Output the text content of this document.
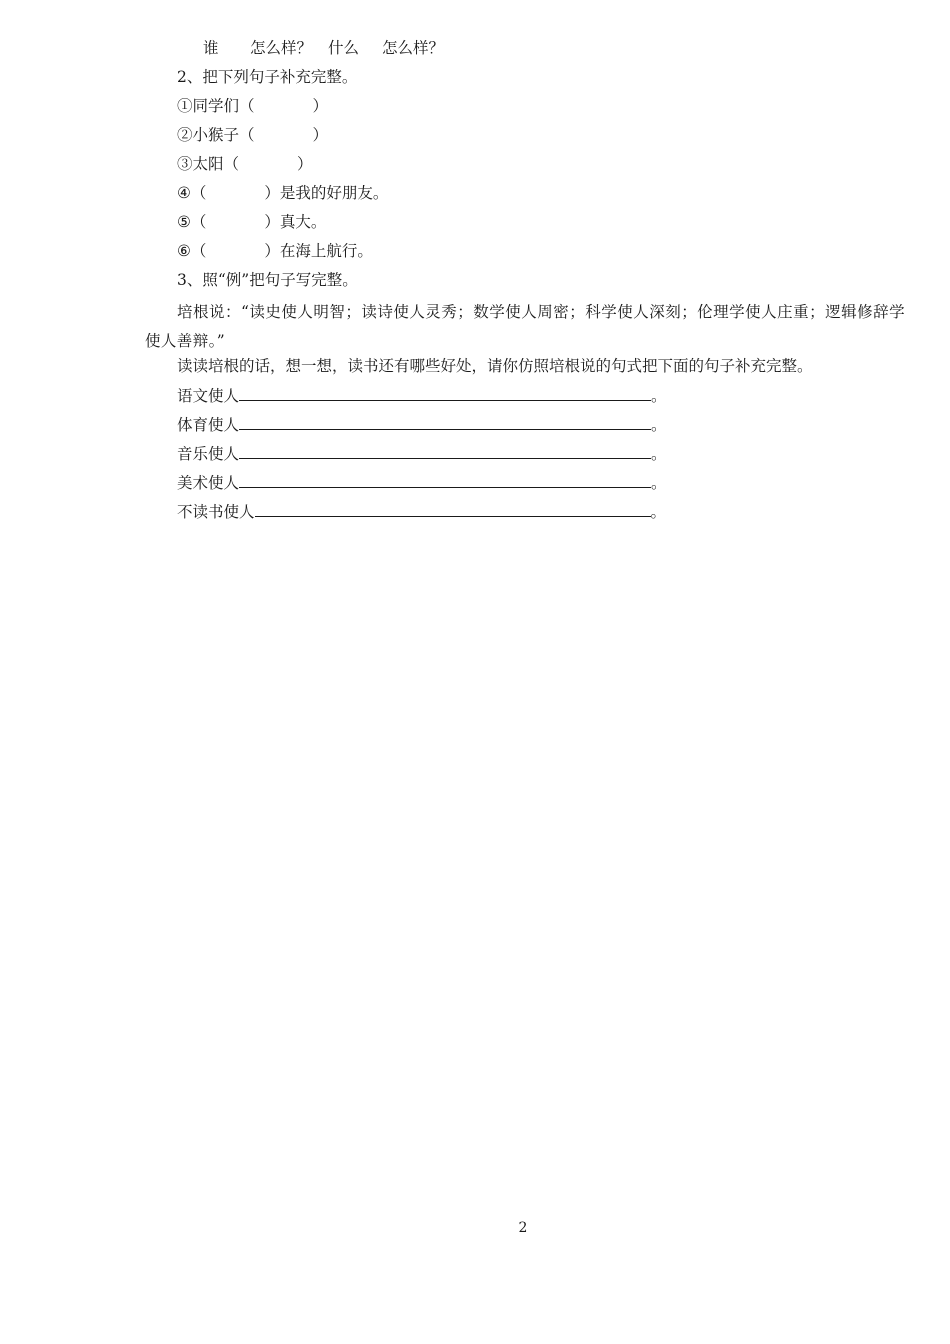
谁 怎么样？ 什么 怎么样？
2、把下列句子补充完整。
①同学们（	）
②小猴子（	）
③太阳（	）
④（	）是我的好朋友。
⑤（	）真大。
⑥（	）在海上航行。
3、照“例”把句子写完整。
培根说：“读史使人明智；读诗使人灵秀；数学使人周密；科学使人深刻；伦理学使人庄重；逻辑修辞学使人善辩。”
读读培根的话，想一想，读书还有哪些好处，请你仿照培根说的句式把下面的句子补充完整。
语文使人	。
体育使人	。
音乐使人	。
美术使人	。
不读书使人	。
2
